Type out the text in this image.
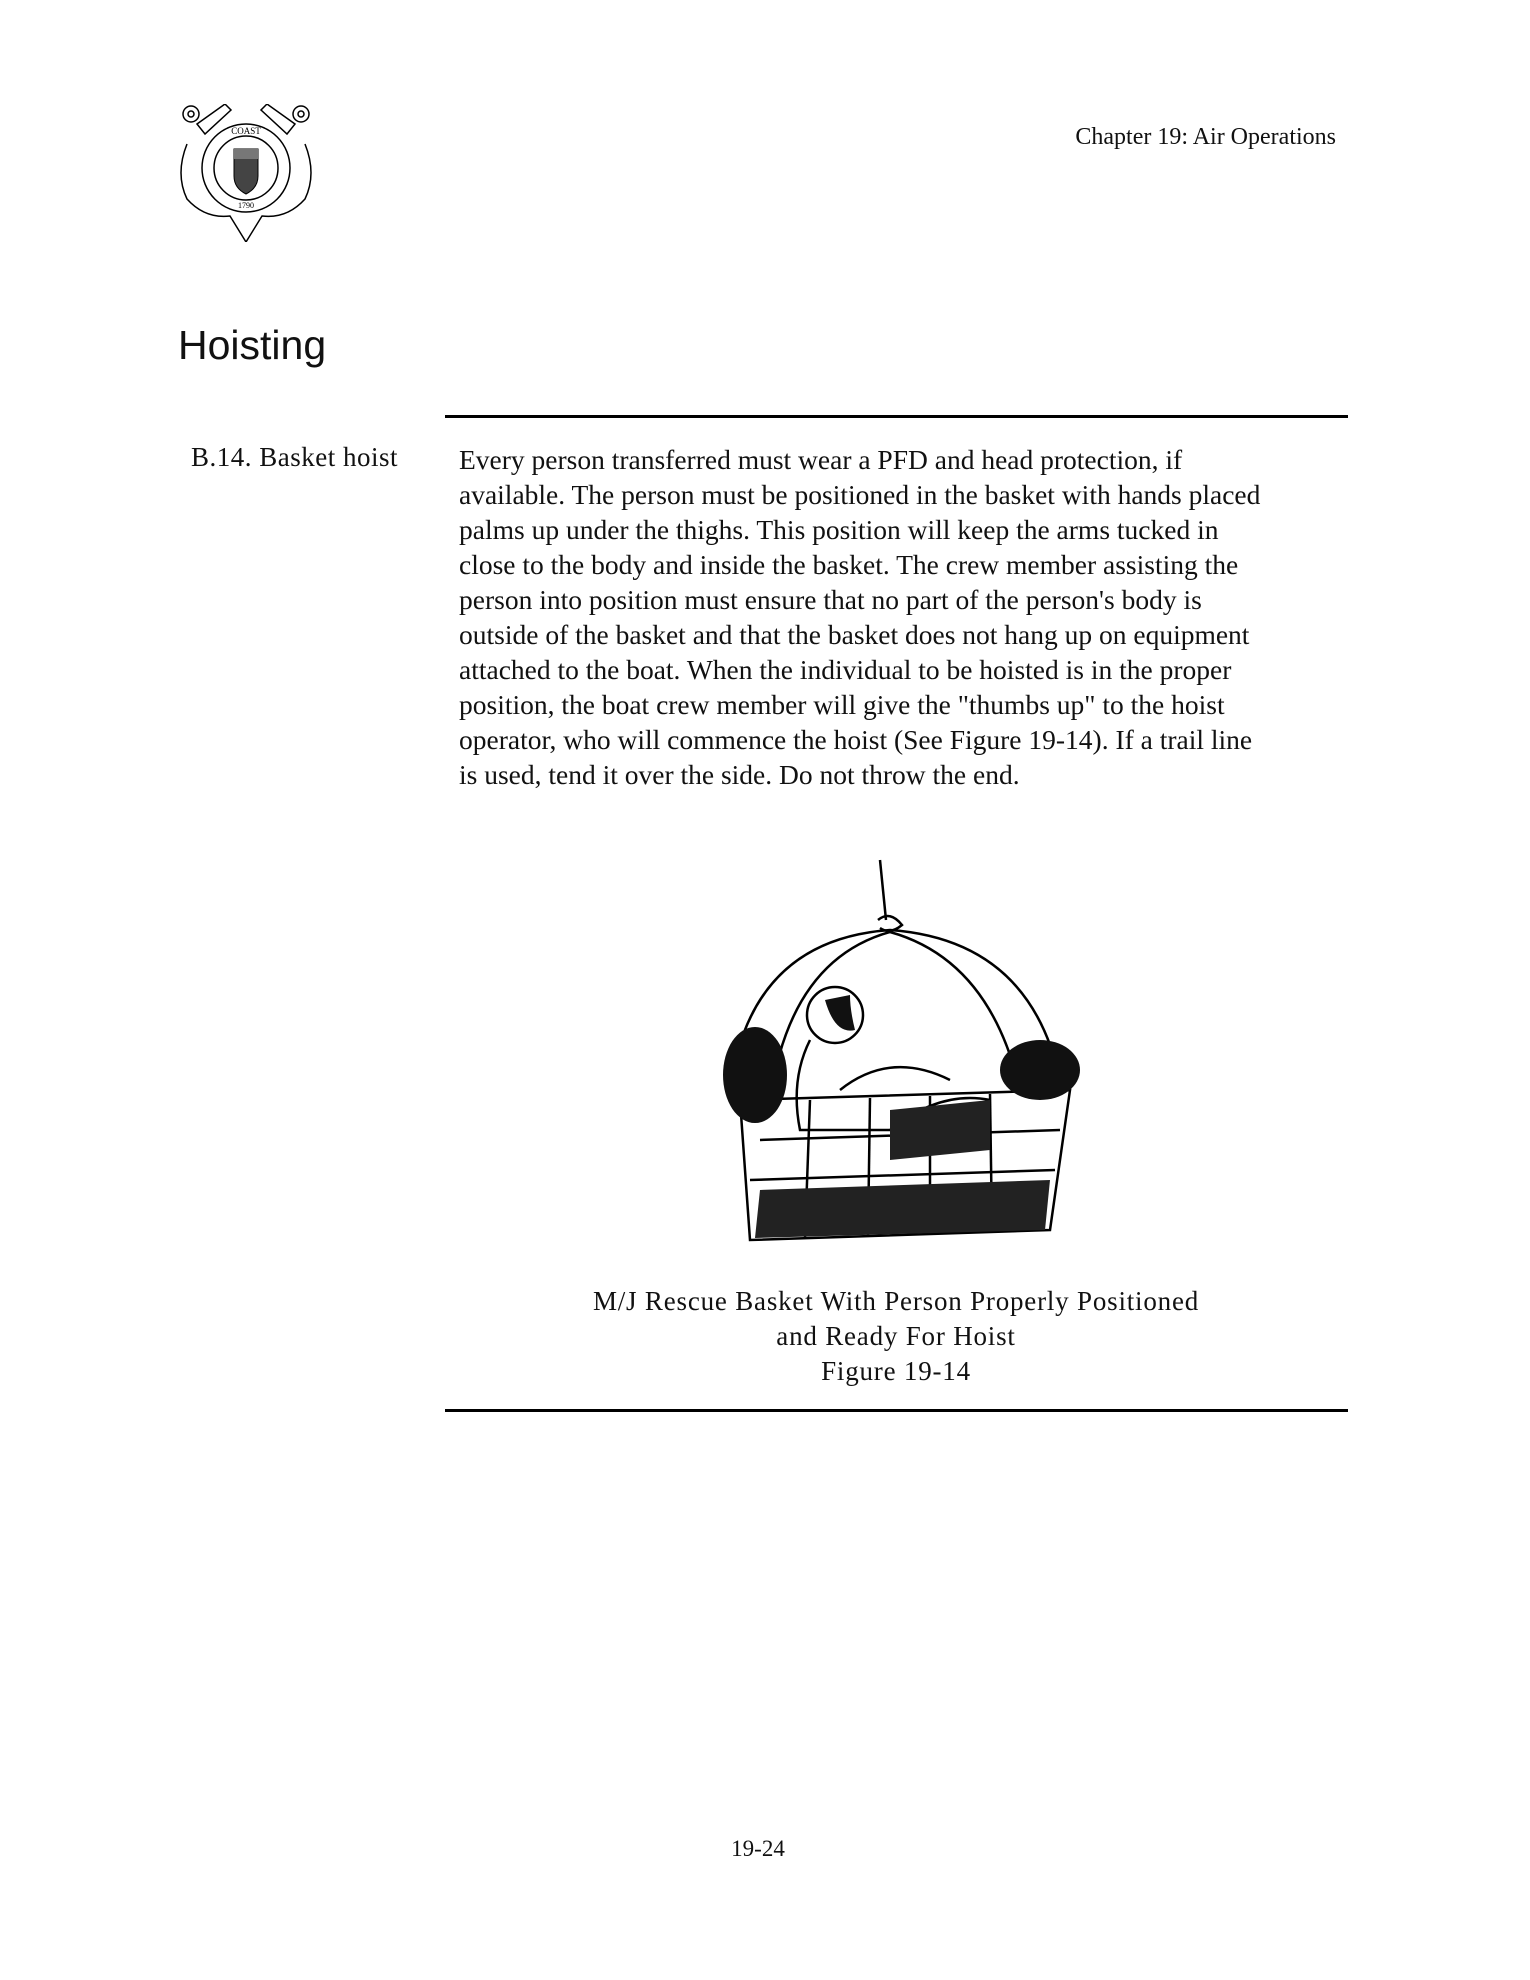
COAST
1790
Chapter 19: Air Operations
Hoisting
B.14. Basket hoist Every person transferred must wear a PFD and head protection, if
available. The person must be positioned in the basket with hands placed
palms up under the thighs. This position will keep the arms tucked in
close to the body and inside the basket. The crew member assisting the
person into position must ensure that no part of the person's body is
outside of the basket and that the basket does not hang up on equipment
attached to the boat. When the individual to be hoisted is in the proper
position, the boat crew member will give the "thumbs up" to the hoist
operator, who will commence the hoist (See Figure 19-14). If a trail line
is used, tend it over the side. Do not throw the end.
M/J Rescue Basket With Person Properly Positioned
and Ready For Hoist
Figure 19-14
19-24
